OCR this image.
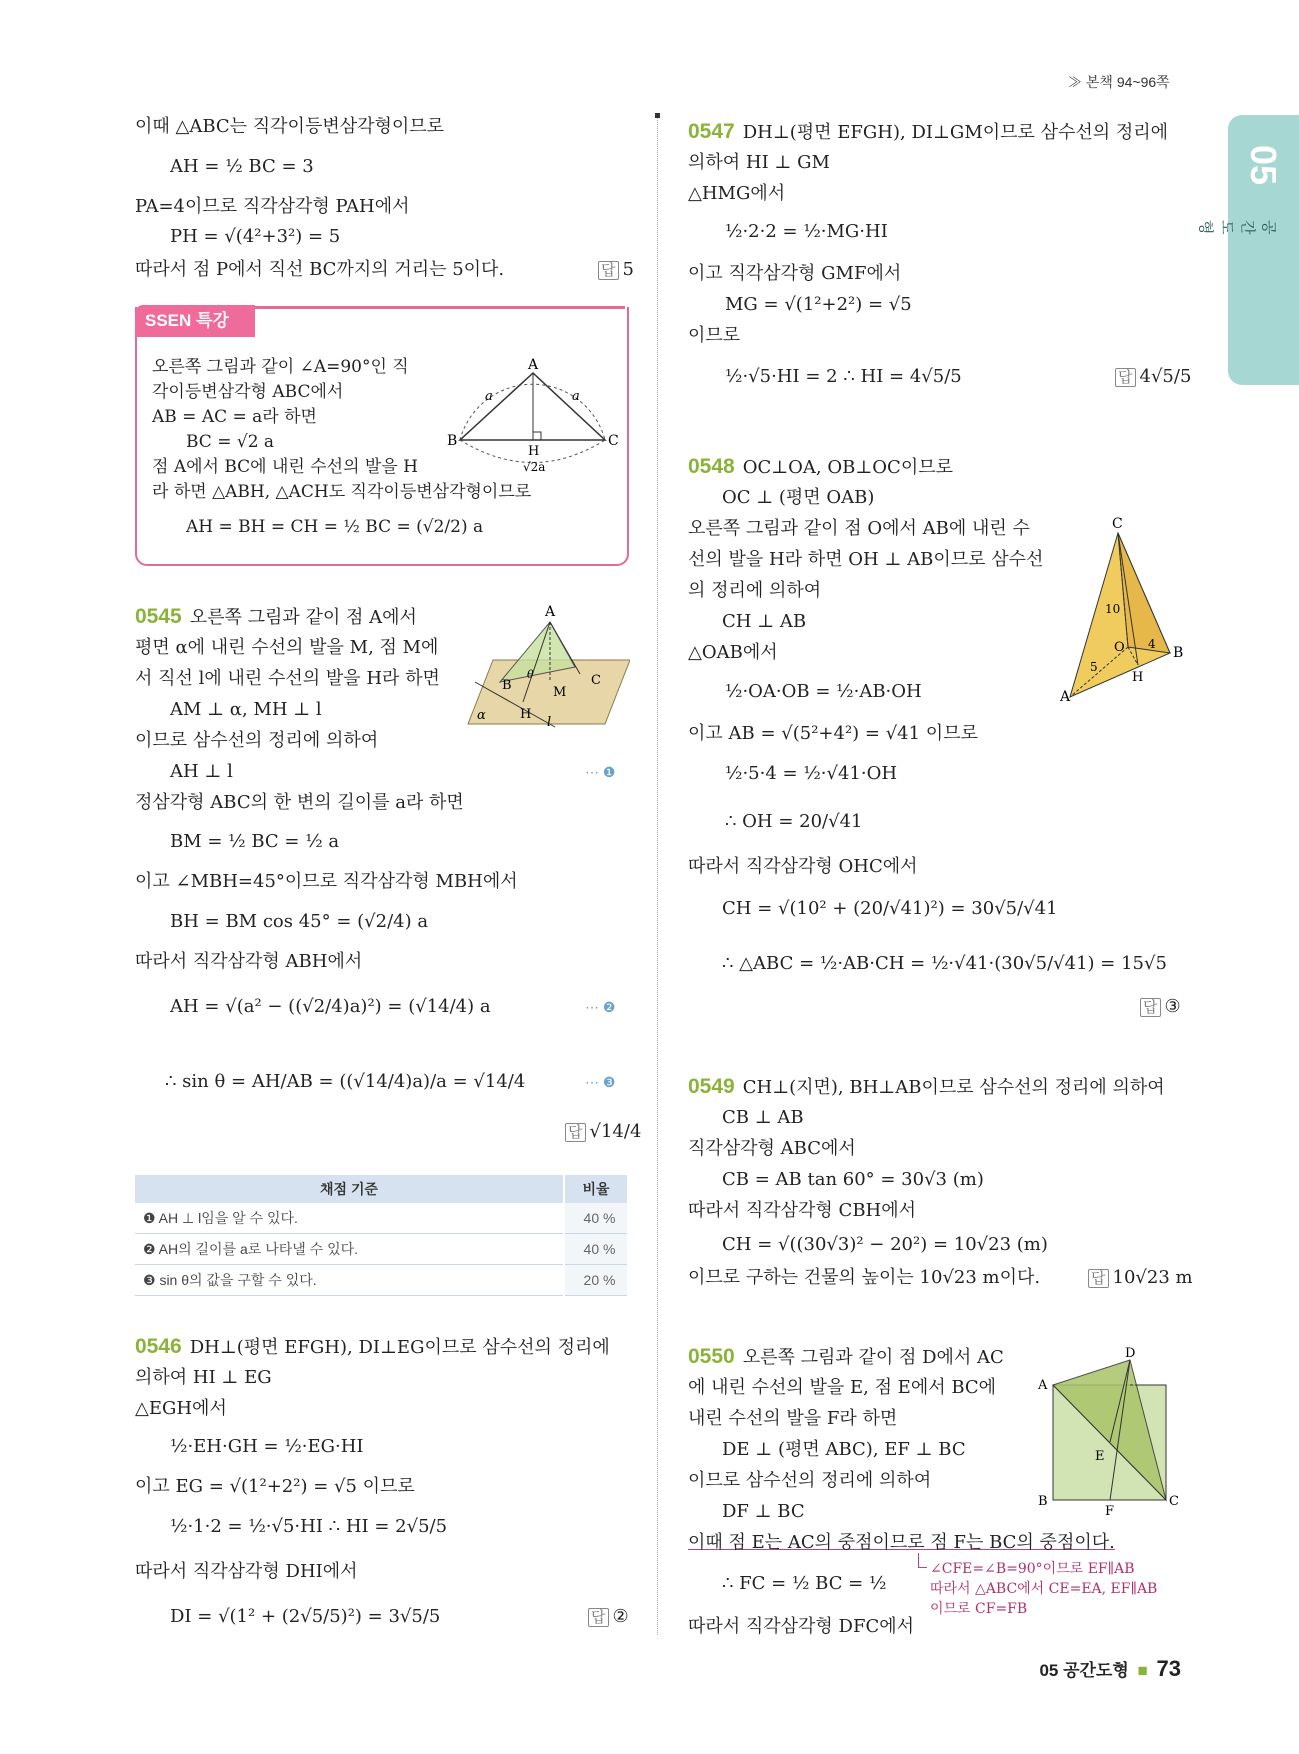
≫ 본책 94~96쪽
05
공간도형
05 공간도형 ■ 73
이때 △ABC는 직각이등변삼각형이므로
AH = ½ BC = 3
PA=4이므로 직각삼각형 PAH에서
PH = √(4²+3²) = 5
따라서 점 P에서 직선 BC까지의 거리는 5이다.	답 5
SSEN 특강
오른쪽 그림과 같이 ∠A=90°인 직
각이등변삼각형 ABC에서
AB = AC = a라 하면
BC = √2 a
점 A에서 BC에 내린 수선의 발을 H
라 하면 △ABH, △ACH도 직각이등변삼각형이므로
AH = BH = CH = ½ BC = (√2/2) a
A
B	C
H
a	a
√2a
0545 오른쪽 그림과 같이 점 A에서
평면 α에 내린 수선의 발을 M, 점 M에
서 직선 l에 내린 수선의 발을 H라 하면
AM ⊥ α, MH ⊥ l
이므로 삼수선의 정리에 의하여
AH ⊥ l	⋯ ❶
정삼각형 ABC의 한 변의 길이를 a라 하면
BM = ½ BC = ½ a
이고 ∠MBH=45°이므로 직각삼각형 MBH에서
BH = BM cos 45° = (√2/4) a
따라서 직각삼각형 ABH에서
AH = √(a² − ((√2/4)a)²) = (√14/4) a	⋯ ❷
∴ sin θ = AH/AB = ((√14/4)a)/a = √14/4	⋯ ❸
답 √14/4
A
B	C
M
H
l
α
θ
채점 기준	비율
❶ AH ⊥ l임을 알 수 있다.	40 %
❷ AH의 길이를 a로 나타낼 수 있다.	40 %
❸ sin θ의 값을 구할 수 있다.	20 %
0546 DH⊥(평면 EFGH), DI⊥EG이므로 삼수선의 정리에
의하여 HI ⊥ EG
△EGH에서
½·EH·GH = ½·EG·HI
이고 EG = √(1²+2²) = √5 이므로
½·1·2 = ½·√5·HI ∴ HI = 2√5/5
따라서 직각삼각형 DHI에서
DI = √(1² + (2√5/5)²) = 3√5/5	답 ②
0547 DH⊥(평면 EFGH), DI⊥GM이므로 삼수선의 정리에
의하여 HI ⊥ GM
△HMG에서
½·2·2 = ½·MG·HI
이고 직각삼각형 GMF에서
MG = √(1²+2²) = √5
이므로
½·√5·HI = 2 ∴ HI = 4√5/5	답 4√5/5
0548 OC⊥OA, OB⊥OC이므로
OC ⊥ (평면 OAB)
오른쪽 그림과 같이 점 O에서 AB에 내린 수
선의 발을 H라 하면 OH ⊥ AB이므로 삼수선
의 정리에 의하여
CH ⊥ AB
△OAB에서
½·OA·OB = ½·AB·OH
이고 AB = √(5²+4²) = √41 이므로
½·5·4 = ½·√41·OH
∴ OH = 20/√41
따라서 직각삼각형 OHC에서
CH = √(10² + (20/√41)²) = 30√5/√41
∴ △ABC = ½·AB·CH = ½·√41·(30√5/√41) = 15√5
답 ③
C
A
B
O
H
10
4
5
0549 CH⊥(지면), BH⊥AB이므로 삼수선의 정리에 의하여
CB ⊥ AB
직각삼각형 ABC에서
CB = AB tan 60° = 30√3 (m)
따라서 직각삼각형 CBH에서
CH = √((30√3)² − 20²) = 10√23 (m)
이므로 구하는 건물의 높이는 10√23 m이다.	답 10√23 m
0550 오른쪽 그림과 같이 점 D에서 AC
에 내린 수선의 발을 E, 점 E에서 BC에
내린 수선의 발을 F라 하면
DE ⊥ (평면 ABC), EF ⊥ BC
이므로 삼수선의 정리에 의하여
DF ⊥ BC
이때 점 E는 AC의 중점이므로 점 F는 BC의 중점이다.
∴ FC = ½ BC = ½
∠CFE=∠B=90°이므로 EF∥AB
따라서 △ABC에서 CE=EA, EF∥AB
이므로 CF=FB
따라서 직각삼각형 DFC에서
D
A
B	C
E
F
